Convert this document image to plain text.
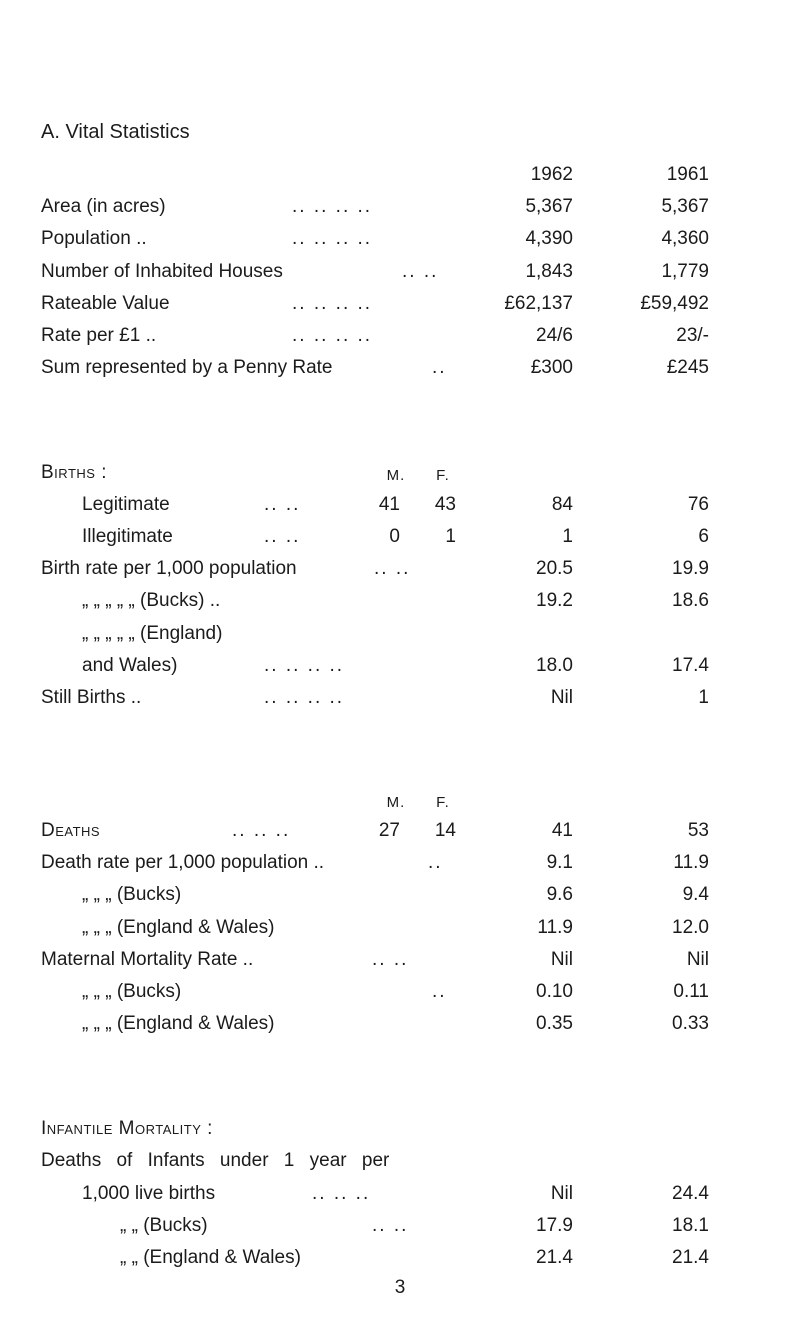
A. Vital Statistics
1962	1961
Area (in acres)	.. .. .. ..	5,367	5,367
Population ..	.. .. .. ..	4,390	4,360
Number of Inhabited Houses	.. ..	1,843	1,779
Rateable Value	.. .. .. ..	£62,137	£59,492
Rate per £1 ..	.. .. .. ..	24/6	23/-
Sum represented by a Penny Rate	..	£300	£245
Births :	M.	F.
Legitimate	.. ..	41	43	84	76
Illegitimate	.. ..	0	1	1	6
Birth rate per 1,000 population	.. ..	20.5	19.9
„ „ „ „ „ (Bucks) ..	19.2	18.6
„ „ „ „ „ (England)
and Wales)	.. .. .. ..	18.0	17.4
Still Births ..	.. .. .. ..	Nil	1
M.	F.
Deaths	.. .. ..	27	14	41	53
Death rate per 1,000 population ..	..	9.1	11.9
„ „ „ (Bucks)	9.6	9.4
„ „ „ (England & Wales)	11.9	12.0
Maternal Mortality Rate ..	.. ..	Nil	Nil
„ „ „ (Bucks)	..	0.10	0.11
„ „ „ (England & Wales)	0.35	0.33
Infantile Mortality :
Deaths of Infants under 1 year per
1,000 live births	.. .. ..	Nil	24.4
„ „ (Bucks)	.. ..	17.9	18.1
„ „ (England & Wales)	21.4	21.4
3
